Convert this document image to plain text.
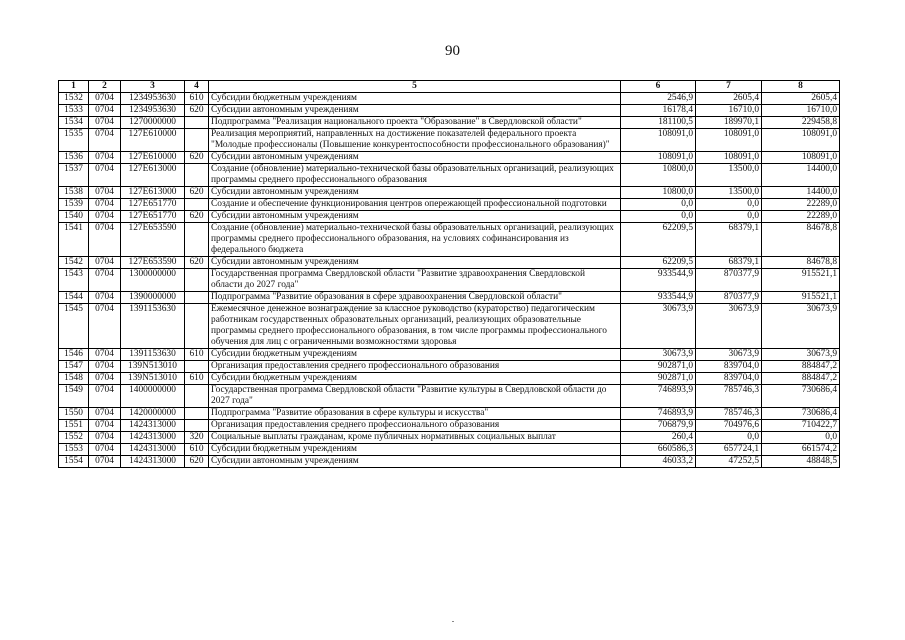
90
1	2	3	4	5	6	7	8
1532	0704	1234953630	610	Субсидии бюджетным учреждениям	2546,9	2605,4	2605,4
1533	0704	1234953630	620	Субсидии автономным учреждениям	16178,4	16710,0	16710,0
1534	0704	1270000000		Подпрограмма "Реализация национального проекта "Образование" в Свердловской области"	181100,5	189970,1	229458,8
1535	0704	127E610000		Реализация мероприятий, направленных на достижение показателей федерального проекта "Молодые профессионалы (Повышение конкурентоспособности профессионального образования)"	108091,0	108091,0	108091,0
1536	0704	127E610000	620	Субсидии автономным учреждениям	108091,0	108091,0	108091,0
1537	0704	127E613000		Создание (обновление) материально-технической базы образовательных организаций, реализующих программы среднего профессионального образования	10800,0	13500,0	14400,0
1538	0704	127E613000	620	Субсидии автономным учреждениям	10800,0	13500,0	14400,0
1539	0704	127E651770		Создание и обеспечение функционирования центров опережающей профессиональной подготовки	0,0	0,0	22289,0
1540	0704	127E651770	620	Субсидии автономным учреждениям	0,0	0,0	22289,0
1541	0704	127E653590		Создание (обновление) материально-технической базы образовательных организаций, реализующих программы среднего профессионального образования, на условиях софинансирования из федерального бюджета	62209,5	68379,1	84678,8
1542	0704	127E653590	620	Субсидии автономным учреждениям	62209,5	68379,1	84678,8
1543	0704	1300000000		Государственная программа Свердловской области "Развитие здравоохранения Свердловской области до 2027 года"	933544,9	870377,9	915521,1
1544	0704	1390000000		Подпрограмма "Развитие образования в сфере здравоохранения Свердловской области"	933544,9	870377,9	915521,1
1545	0704	1391153630		Ежемесячное денежное вознаграждение за классное руководство (кураторство) педагогическим работникам государственных образовательных организаций, реализующих образовательные программы среднего профессионального образования, в том числе программы профессионального обучения для лиц с ограниченными возможностями здоровья	30673,9	30673,9	30673,9
1546	0704	1391153630	610	Субсидии бюджетным учреждениям	30673,9	30673,9	30673,9
1547	0704	139N513010		Организация предоставления среднего профессионального образования	902871,0	839704,0	884847,2
1548	0704	139N513010	610	Субсидии бюджетным учреждениям	902871,0	839704,0	884847,2
1549	0704	1400000000		Государственная программа Свердловской области "Развитие культуры в Свердловской области до 2027 года"	746893,9	785746,3	730686,4
1550	0704	1420000000		Подпрограмма "Развитие образования в сфере культуры и искусства"	746893,9	785746,3	730686,4
1551	0704	1424313000		Организация предоставления среднего профессионального образования	706879,9	704976,6	710422,7
1552	0704	1424313000	320	Социальные выплаты гражданам, кроме публичных нормативных социальных выплат	260,4	0,0	0,0
1553	0704	1424313000	610	Субсидии бюджетным учреждениям	660586,3	657724,1	661574,2
1554	0704	1424313000	620	Субсидии автономным учреждениям	46033,2	47252,5	48848,5
